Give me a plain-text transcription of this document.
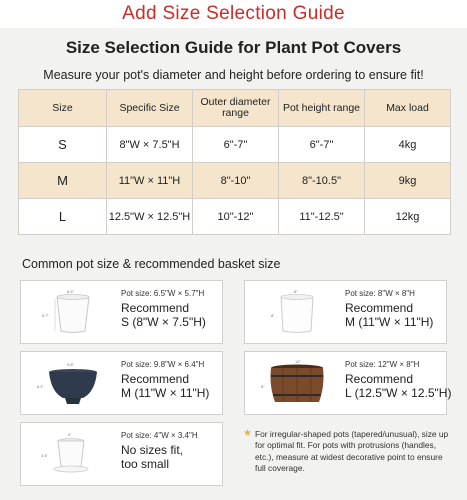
Add Size Selection Guide
Size Selection Guide for Plant Pot Covers
Measure your pot's diameter and height before ordering to ensure fit!
Size	Specific Size	Outer diameter range	Pot height range	Max load
S	8"W × 7.5"H	6"-7"	6"-7"	4kg
M	11"W × 11"H	8"-10"	8"-10.5"	9kg
L	12.5"W × 12.5"H	10"-12"	11"-12.5"	12kg
Common pot size & recommended basket size
6.5"
5.7"
Pot size: 6.5"W × 5.7"H
Recommend
S (8"W × 7.5"H)
8"
8"
Pot size: 8"W × 8"H
Recommend
M (11"W × 11"H)
9.8"
6.4"
Pot size: 9.8"W × 6.4"H
Recommend
M (11"W × 11"H)
12"
8"
Pot size: 12"W × 8"H
Recommend
L (12.5"W × 12.5"H)
4"
3.4"
Pot size: 4"W × 3.4"H
No sizes fit,
too small
★ For irregular-shaped pots (tapered/unusual), size up for optimal fit. For pots with protrusions (handles, etc.), measure at widest decorative point to ensure full coverage.
